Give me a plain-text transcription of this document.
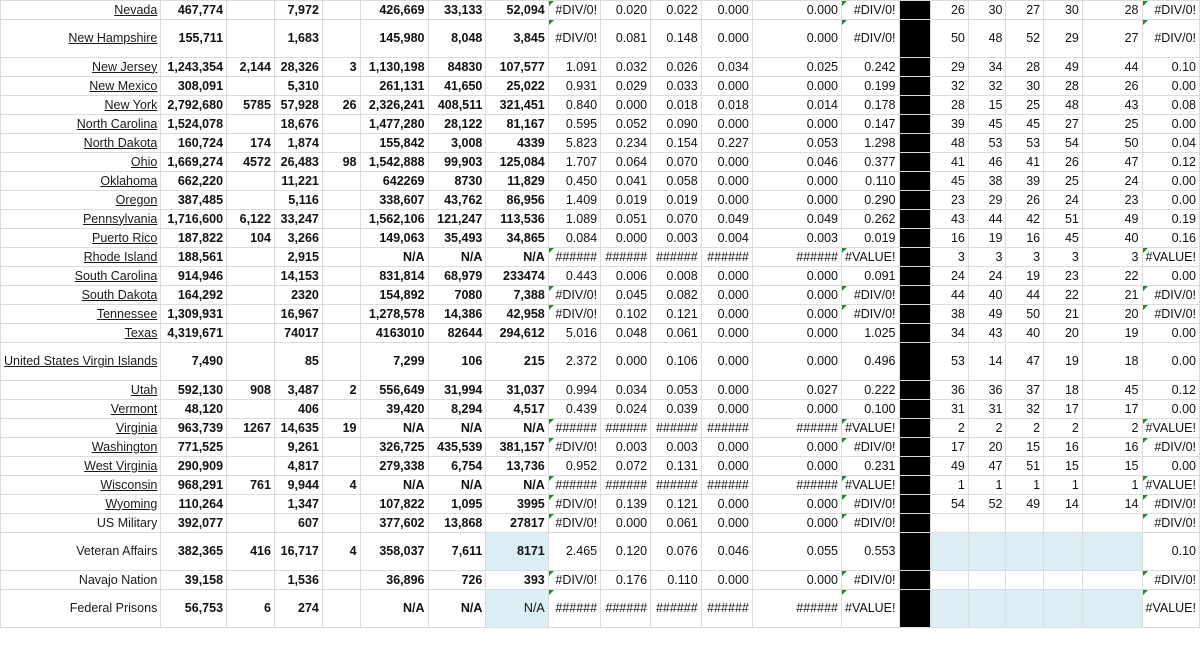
Nevada	467,774		7,972		426,669	33,133	52,094	#DIV/0!	0.020	0.022	0.000	0.000	#DIV/0!		26	30	27	30	28	#DIV/0!
New Hampshire	155,711		1,683		145,980	8,048	3,845	#DIV/0!	0.081	0.148	0.000	0.000	#DIV/0!		50	48	52	29	27	#DIV/0!
New Jersey	1,243,354	2,144	28,326	3	1,130,198	84830	107,577	1.091	0.032	0.026	0.034	0.025	0.242		29	34	28	49	44	0.10
New Mexico	308,091		5,310		261,131	41,650	25,022	0.931	0.029	0.033	0.000	0.000	0.199		32	32	30	28	26	0.00
New York	2,792,680	5785	57,928	26	2,326,241	408,511	321,451	0.840	0.000	0.018	0.018	0.014	0.178		28	15	25	48	43	0.08
North Carolina	1,524,078		18,676		1,477,280	28,122	81,167	0.595	0.052	0.090	0.000	0.000	0.147		39	45	45	27	25	0.00
North Dakota	160,724	174	1,874		155,842	3,008	4339	5.823	0.234	0.154	0.227	0.053	1.298		48	53	53	54	50	0.04
Ohio	1,669,274	4572	26,483	98	1,542,888	99,903	125,084	1.707	0.064	0.070	0.000	0.046	0.377		41	46	41	26	47	0.12
Oklahoma	662,220		11,221		642269	8730	11,829	0.450	0.041	0.058	0.000	0.000	0.110		45	38	39	25	24	0.00
Oregon	387,485		5,116		338,607	43,762	86,956	1.409	0.019	0.019	0.000	0.000	0.290		23	29	26	24	23	0.00
Pennsylvania	1,716,600	6,122	33,247		1,562,106	121,247	113,536	1.089	0.051	0.070	0.049	0.049	0.262		43	44	42	51	49	0.19
Puerto Rico	187,822	104	3,266		149,063	35,493	34,865	0.084	0.000	0.003	0.004	0.003	0.019		16	19	16	45	40	0.16
Rhode Island	188,561		2,915		N/A	N/A	N/A	######	######	######	######	######	#VALUE!		3	3	3	3	3	#VALUE!
South Carolina	914,946		14,153		831,814	68,979	233474	0.443	0.006	0.008	0.000	0.000	0.091		24	24	19	23	22	0.00
South Dakota	164,292		2320		154,892	7080	7,388	#DIV/0!	0.045	0.082	0.000	0.000	#DIV/0!		44	40	44	22	21	#DIV/0!
Tennessee	1,309,931		16,967		1,278,578	14,386	42,958	#DIV/0!	0.102	0.121	0.000	0.000	#DIV/0!		38	49	50	21	20	#DIV/0!
Texas	4,319,671		74017		4163010	82644	294,612	5.016	0.048	0.061	0.000	0.000	1.025		34	43	40	20	19	0.00
United States Virgin Islands	7,490		85		7,299	106	215	2.372	0.000	0.106	0.000	0.000	0.496		53	14	47	19	18	0.00
Utah	592,130	908	3,487	2	556,649	31,994	31,037	0.994	0.034	0.053	0.000	0.027	0.222		36	36	37	18	45	0.12
Vermont	48,120		406		39,420	8,294	4,517	0.439	0.024	0.039	0.000	0.000	0.100		31	31	32	17	17	0.00
Virginia	963,739	1267	14,635	19	N/A	N/A	N/A	######	######	######	######	######	#VALUE!		2	2	2	2	2	#VALUE!
Washington	771,525		9,261		326,725	435,539	381,157	#DIV/0!	0.003	0.003	0.000	0.000	#DIV/0!		17	20	15	16	16	#DIV/0!
West Virginia	290,909		4,817		279,338	6,754	13,736	0.952	0.072	0.131	0.000	0.000	0.231		49	47	51	15	15	0.00
Wisconsin	968,291	761	9,944	4	N/A	N/A	N/A	######	######	######	######	######	#VALUE!		1	1	1	1	1	#VALUE!
Wyoming	110,264		1,347		107,822	1,095	3995	#DIV/0!	0.139	0.121	0.000	0.000	#DIV/0!		54	52	49	14	14	#DIV/0!
US Military	392,077		607		377,602	13,868	27817	#DIV/0!	0.000	0.061	0.000	0.000	#DIV/0!							#DIV/0!
Veteran Affairs	382,365	416	16,717	4	358,037	7,611	8171	2.465	0.120	0.076	0.046	0.055	0.553							0.10
Navajo Nation	39,158		1,536		36,896	726	393	#DIV/0!	0.176	0.110	0.000	0.000	#DIV/0!							#DIV/0!
Federal Prisons	56,753	6	274		N/A	N/A	N/A	######	######	######	######	######	#VALUE!							#VALUE!
